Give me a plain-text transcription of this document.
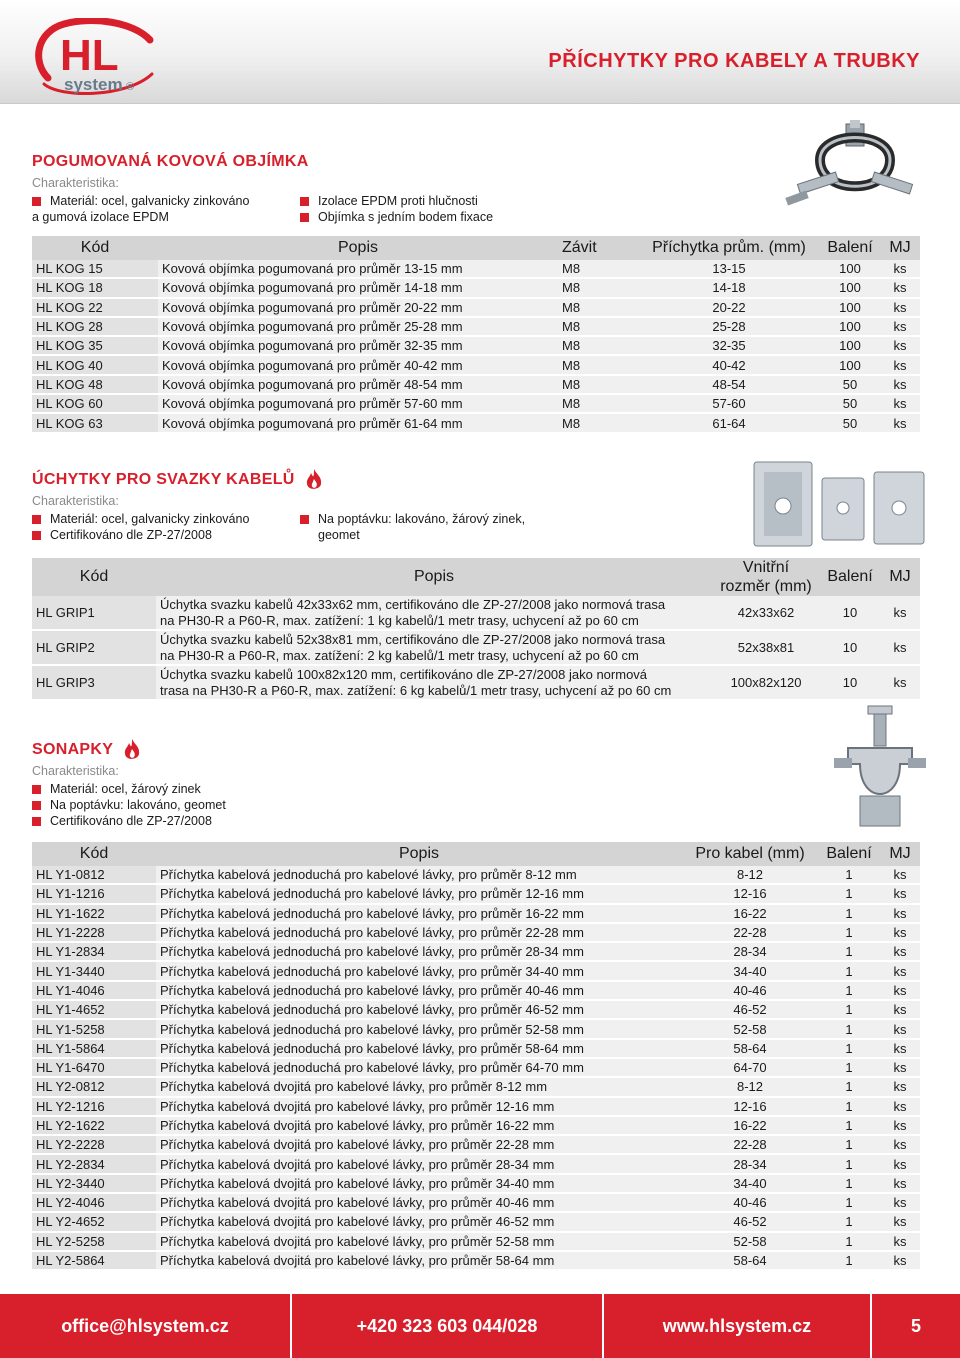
HL
system ®
PŘÍCHYTKY PRO KABELY A TRUBKY
POGUMOVANÁ KOVOVÁ OBJÍMKA
Charakteristika:
Materiál: ocel, galvanicky zinkováno
a gumová izolace EPDM
Izolace EPDM proti hlučnosti
Objímka s jedním bodem fixace
Kód	Popis	Závit	Příchytka prům. (mm)	Balení	MJ
HL KOG 15	Kovová objímka pogumovaná pro průměr 13-15 mm	M8	13-15	100	ks
HL KOG 18	Kovová objímka pogumovaná pro průměr 14-18 mm	M8	14-18	100	ks
HL KOG 22	Kovová objímka pogumovaná pro průměr 20-22 mm	M8	20-22	100	ks
HL KOG 28	Kovová objímka pogumovaná pro průměr 25-28 mm	M8	25-28	100	ks
HL KOG 35	Kovová objímka pogumovaná pro průměr 32-35 mm	M8	32-35	100	ks
HL KOG 40	Kovová objímka pogumovaná pro průměr 40-42 mm	M8	40-42	100	ks
HL KOG 48	Kovová objímka pogumovaná pro průměr 48-54 mm	M8	48-54	50	ks
HL KOG 60	Kovová objímka pogumovaná pro průměr 57-60 mm	M8	57-60	50	ks
HL KOG 63	Kovová objímka pogumovaná pro průměr 61-64 mm	M8	61-64	50	ks
ÚCHYTKY PRO SVAZKY KABELŮ
Charakteristika:
Materiál: ocel, galvanicky zinkováno
Certifikováno dle ZP-27/2008
Na poptávku: lakováno, žárový zinek,
geomet
Kód	Popis	Vnitřní
rozměr (mm)	Balení	MJ
HL GRIP1	Úchytka svazku kabelů 42x33x62 mm, certifikováno dle ZP-27/2008 jako normová trasa
na PH30-R a P60-R, max. zatížení: 1 kg kabelů/1 metr trasy, uchycení až po 60 cm	42x33x62	10	ks
HL GRIP2	Úchytka svazku kabelů 52x38x81 mm, certifikováno dle ZP-27/2008 jako normová trasa
na PH30-R a P60-R, max. zatížení: 2 kg kabelů/1 metr trasy, uchycení až po 60 cm	52x38x81	10	ks
HL GRIP3	Úchytka svazku kabelů 100x82x120 mm, certifikováno dle ZP-27/2008 jako normová
trasa na PH30-R a P60-R, max. zatížení: 6 kg kabelů/1 metr trasy, uchycení až po 60 cm	100x82x120	10	ks
SONAPKY
Charakteristika:
Materiál: ocel, žárový zinek
Na poptávku: lakováno, geomet
Certifikováno dle ZP-27/2008
Kód	Popis	Pro kabel (mm)	Balení	MJ
HL Y1-0812	Příchytka kabelová jednoduchá pro kabelové lávky, pro průměr 8-12 mm	8-12	1	ks
HL Y1-1216	Příchytka kabelová jednoduchá pro kabelové lávky, pro průměr 12-16 mm	12-16	1	ks
HL Y1-1622	Příchytka kabelová jednoduchá pro kabelové lávky, pro průměr 16-22 mm	16-22	1	ks
HL Y1-2228	Příchytka kabelová jednoduchá pro kabelové lávky, pro průměr 22-28 mm	22-28	1	ks
HL Y1-2834	Příchytka kabelová jednoduchá pro kabelové lávky, pro průměr 28-34 mm	28-34	1	ks
HL Y1-3440	Příchytka kabelová jednoduchá pro kabelové lávky, pro průměr 34-40 mm	34-40	1	ks
HL Y1-4046	Příchytka kabelová jednoduchá pro kabelové lávky, pro průměr 40-46 mm	40-46	1	ks
HL Y1-4652	Příchytka kabelová jednoduchá pro kabelové lávky, pro průměr 46-52 mm	46-52	1	ks
HL Y1-5258	Příchytka kabelová jednoduchá pro kabelové lávky, pro průměr 52-58 mm	52-58	1	ks
HL Y1-5864	Příchytka kabelová jednoduchá pro kabelové lávky, pro průměr 58-64 mm	58-64	1	ks
HL Y1-6470	Příchytka kabelová jednoduchá pro kabelové lávky, pro průměr 64-70 mm	64-70	1	ks
HL Y2-0812	Příchytka kabelová dvojitá pro kabelové lávky, pro průměr 8-12 mm	8-12	1	ks
HL Y2-1216	Příchytka kabelová dvojitá pro kabelové lávky, pro průměr 12-16 mm	12-16	1	ks
HL Y2-1622	Příchytka kabelová dvojitá pro kabelové lávky, pro průměr 16-22 mm	16-22	1	ks
HL Y2-2228	Příchytka kabelová dvojitá pro kabelové lávky, pro průměr 22-28 mm	22-28	1	ks
HL Y2-2834	Příchytka kabelová dvojitá pro kabelové lávky, pro průměr 28-34 mm	28-34	1	ks
HL Y2-3440	Příchytka kabelová dvojitá pro kabelové lávky, pro průměr 34-40 mm	34-40	1	ks
HL Y2-4046	Příchytka kabelová dvojitá pro kabelové lávky, pro průměr 40-46 mm	40-46	1	ks
HL Y2-4652	Příchytka kabelová dvojitá pro kabelové lávky, pro průměr 46-52 mm	46-52	1	ks
HL Y2-5258	Příchytka kabelová dvojitá pro kabelové lávky, pro průměr 52-58 mm	52-58	1	ks
HL Y2-5864	Příchytka kabelová dvojitá pro kabelové lávky, pro průměr 58-64 mm	58-64	1	ks
office@hlsystem.cz	+420 323 603 044/028	www.hlsystem.cz	5
